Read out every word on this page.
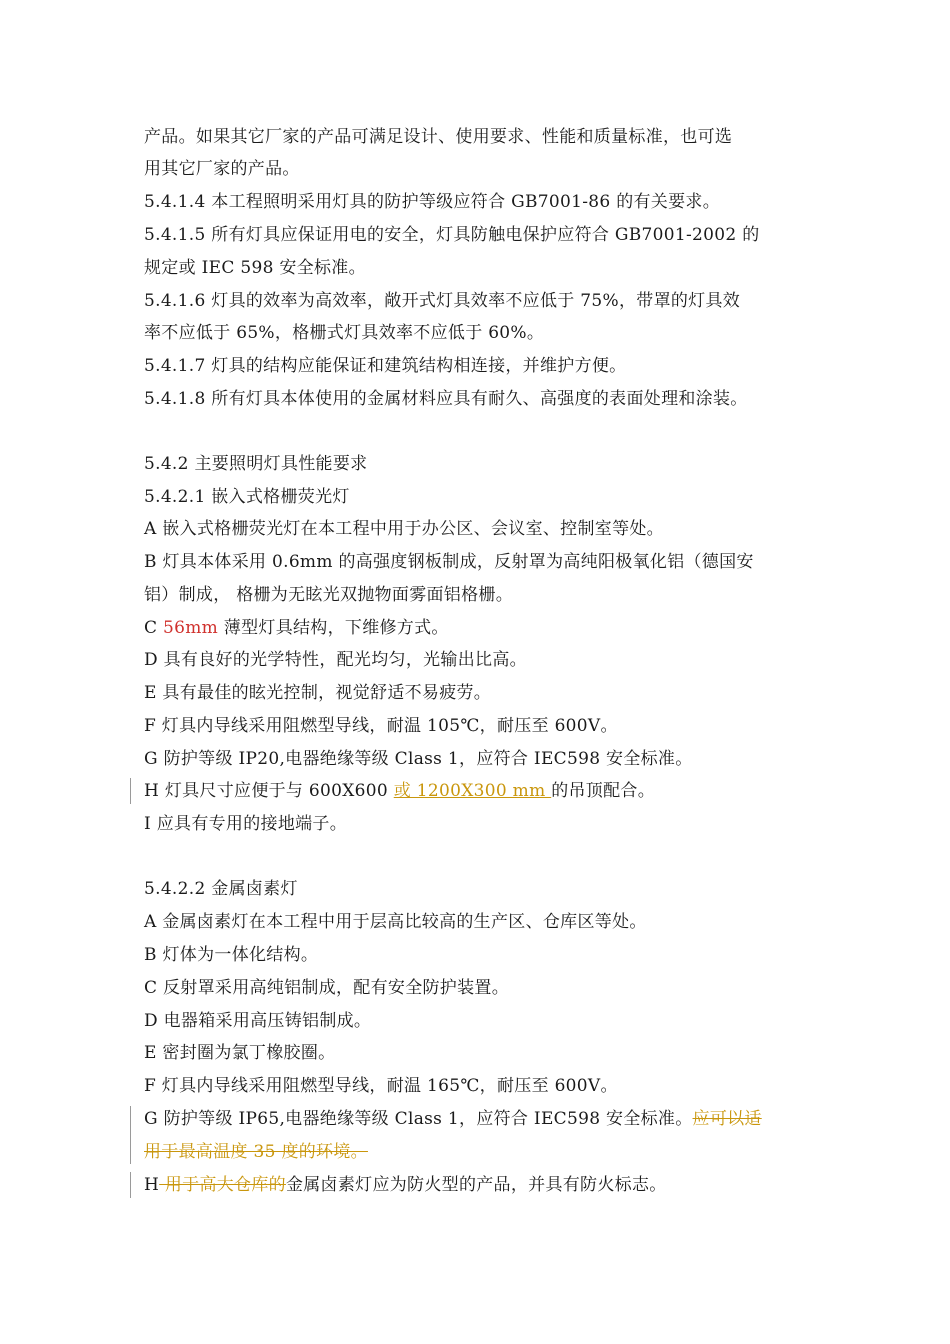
产品。如果其它厂家的产品可满足设计、使用要求、性能和质量标准，也可选
用其它厂家的产品。
5.4.1.4 本工程照明采用灯具的防护等级应符合 GB7001-86 的有关要求。
5.4.1.5 所有灯具应保证用电的安全，灯具防触电保护应符合 GB7001-2002 的
规定或 IEC 598 安全标准。
5.4.1.6 灯具的效率为高效率，敞开式灯具效率不应低于 75%，带罩的灯具效
率不应低于 65%，格栅式灯具效率不应低于 60%。
5.4.1.7 灯具的结构应能保证和建筑结构相连接，并维护方便。
5.4.1.8 所有灯具本体使用的金属材料应具有耐久、高强度的表面处理和涂装。
5.4.2 主要照明灯具性能要求
5.4.2.1 嵌入式格栅荧光灯
A 嵌入式格栅荧光灯在本工程中用于办公区、会议室、控制室等处。
B 灯具本体采用 0.6mm 的高强度钢板制成，反射罩为高纯阳极氧化铝（德国安
铝）制成， 格栅为无眩光双抛物面雾面铝格栅。
C 56mm 薄型灯具结构，下维修方式。
D 具有良好的光学特性，配光均匀，光输出比高。
E 具有最佳的眩光控制，视觉舒适不易疲劳。
F 灯具内导线采用阻燃型导线，耐温 105℃，耐压至 600V。
G 防护等级 IP20,电器绝缘等级 Class 1，应符合 IEC598 安全标准。
H 灯具尺寸应便于与 600X600 或 1200X300 mm 的吊顶配合。
I 应具有专用的接地端子。
5.4.2.2 金属卤素灯
A 金属卤素灯在本工程中用于层高比较高的生产区、仓库区等处。
B 灯体为一体化结构。
C 反射罩采用高纯铝制成，配有安全防护装置。
D 电器箱采用高压铸铝制成。
E 密封圈为氯丁橡胶圈。
F 灯具内导线采用阻燃型导线，耐温 165℃，耐压至 600V。
G 防护等级 IP65,电器绝缘等级 Class 1，应符合 IEC598 安全标准。应可以适
用于最高温度 35 度的环境。
H 用于高大仓库的金属卤素灯应为防火型的产品，并具有防火标志。
